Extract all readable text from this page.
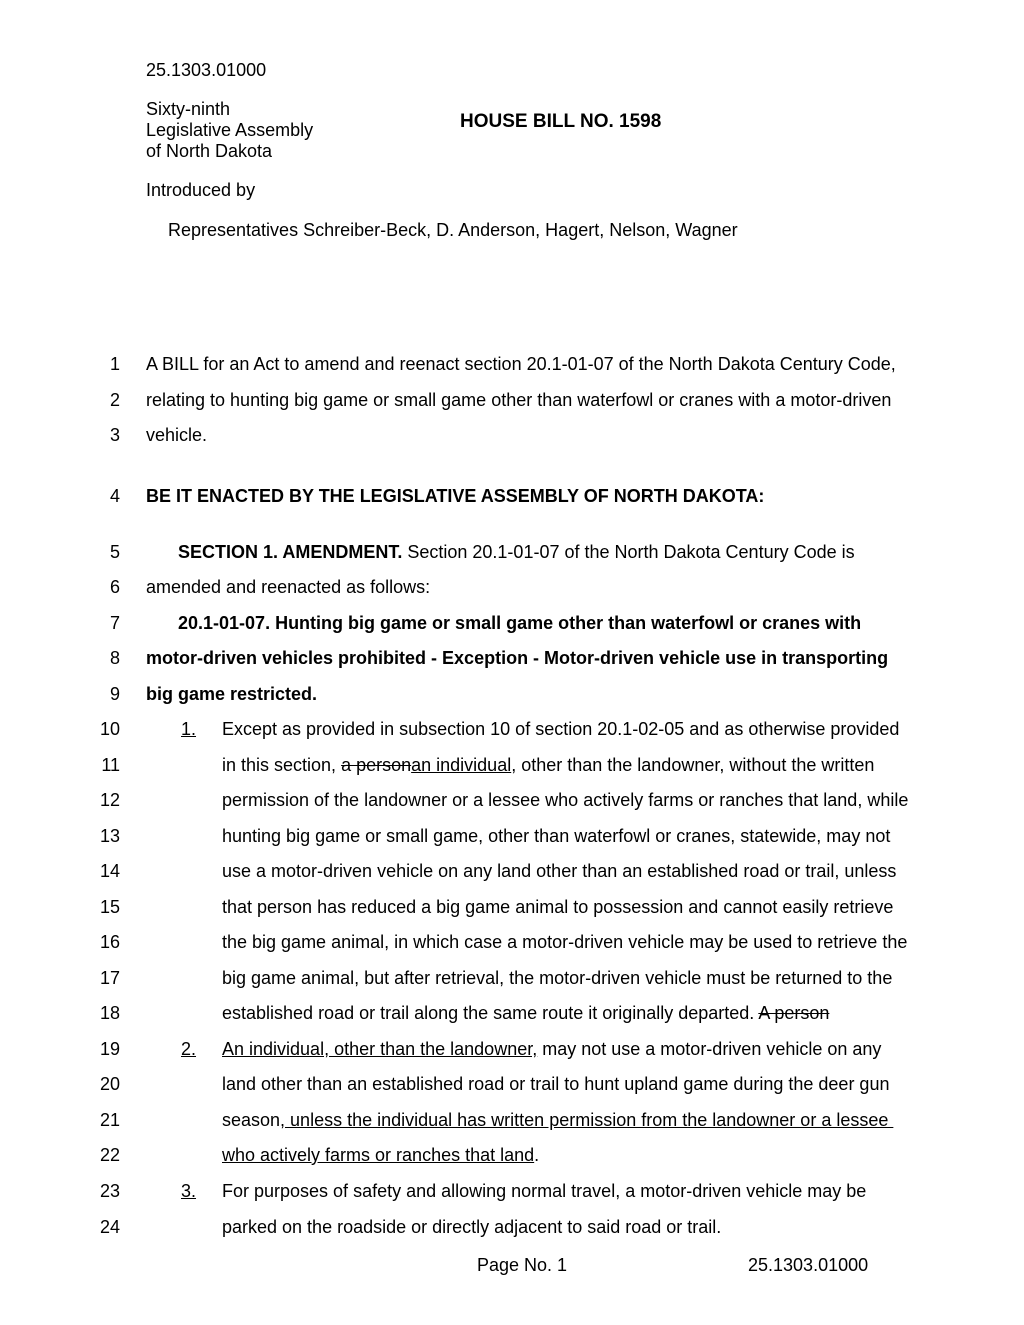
25.1303.01000
Sixty-ninth
Legislative Assembly
of North Dakota
HOUSE BILL NO. 1598
Introduced by
Representatives Schreiber-Beck, D. Anderson, Hagert, Nelson, Wagner
1
2
3
4
5
6
7
8
9
10
11
12
13
14
15
16
17
18
19
20
21
22
23
24
A BILL for an Act to amend and reenact section 20.1-01-07 of the North Dakota Century Code,
relating to hunting big game or small game other than waterfowl or cranes with a motor-driven
vehicle.
BE IT ENACTED BY THE LEGISLATIVE ASSEMBLY OF NORTH DAKOTA:
SECTION 1. AMENDMENT. Section 20.1-01-07 of the North Dakota Century Code is
amended and reenacted as follows:
20.1-01-07. Hunting big game or small game other than waterfowl or cranes with
motor-driven vehicles prohibited - Exception - Motor-driven vehicle use in transporting
big game restricted.
1. Except as provided in subsection 10 of section 20.1-02-05 and as otherwise provided
in this section, a personan individual, other than the landowner, without the written
permission of the landowner or a lessee who actively farms or ranches that land, while
hunting big game or small game, other than waterfowl or cranes, statewide, may not
use a motor-driven vehicle on any land other than an established road or trail, unless
that person has reduced a big game animal to possession and cannot easily retrieve
the big game animal, in which case a motor-driven vehicle may be used to retrieve the
big game animal, but after retrieval, the motor-driven vehicle must be returned to the
established road or trail along the same route it originally departed. A person
2. An individual, other than the landowner, may not use a motor-driven vehicle on any
land other than an established road or trail to hunt upland game during the deer gun
season, unless the individual has written permission from the landowner or a lessee
who actively farms or ranches that land.
3. For purposes of safety and allowing normal travel, a motor-driven vehicle may be
parked on the roadside or directly adjacent to said road or trail.
Page No. 1	25.1303.01000
